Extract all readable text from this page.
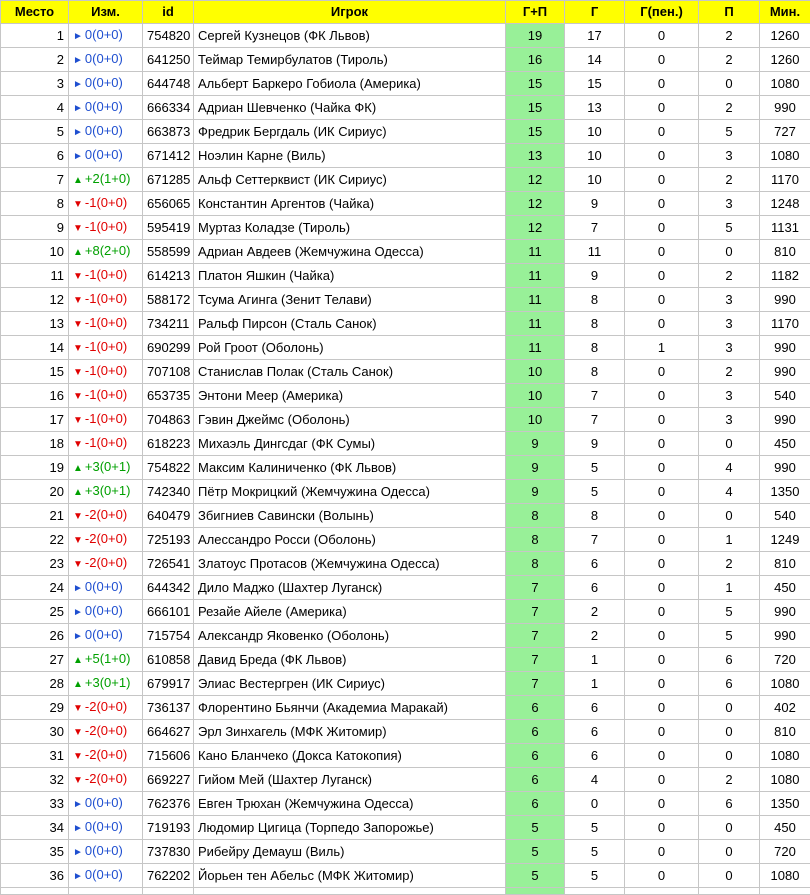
Место	Изм.	id	Игрок	Г+П	Г	Г(пен.)	П	Мин.
1	► 0(0+0)	754820	Сергей Кузнецов (ФК Львов)	19	17	0	2	1260
2	► 0(0+0)	641250	Теймар Темирбулатов (Тироль)	16	14	0	2	1260
3	► 0(0+0)	644748	Альберт Баркеро Гобиола (Америка)	15	15	0	0	1080
4	► 0(0+0)	666334	Адриан Шевченко (Чайка ФК)	15	13	0	2	990
5	► 0(0+0)	663873	Фредрик Бергдаль (ИК Сириус)	15	10	0	5	727
6	► 0(0+0)	671412	Ноэлин Карне (Виль)	13	10	0	3	1080
7	▲ +2(1+0)	671285	Альф Сеттерквист (ИК Сириус)	12	10	0	2	1170
8	▼ -1(0+0)	656065	Константин Аргентов (Чайка)	12	9	0	3	1248
9	▼ -1(0+0)	595419	Муртаз Коладзе (Тироль)	12	7	0	5	1131
10	▲ +8(2+0)	558599	Адриан Авдеев (Жемчужина Одесса)	11	11	0	0	810
11	▼ -1(0+0)	614213	Платон Яшкин (Чайка)	11	9	0	2	1182
12	▼ -1(0+0)	588172	Тсума Агинга (Зенит Телави)	11	8	0	3	990
13	▼ -1(0+0)	734211	Ральф Пирсон (Сталь Санок)	11	8	0	3	1170
14	▼ -1(0+0)	690299	Рой Гроот (Оболонь)	11	8	1	3	990
15	▼ -1(0+0)	707108	Станислав Полак (Сталь Санок)	10	8	0	2	990
16	▼ -1(0+0)	653735	Энтони Меер (Америка)	10	7	0	3	540
17	▼ -1(0+0)	704863	Гэвин Джеймс (Оболонь)	10	7	0	3	990
18	▼ -1(0+0)	618223	Михаэль Дингсдаг (ФК Сумы)	9	9	0	0	450
19	▲ +3(0+1)	754822	Максим Калиниченко (ФК Львов)	9	5	0	4	990
20	▲ +3(0+1)	742340	Пётр Мокрицкий (Жемчужина Одесса)	9	5	0	4	1350
21	▼ -2(0+0)	640479	Збигниев Савински (Волынь)	8	8	0	0	540
22	▼ -2(0+0)	725193	Алессандро Росси (Оболонь)	8	7	0	1	1249
23	▼ -2(0+0)	726541	Златоус Протасов (Жемчужина Одесса)	8	6	0	2	810
24	► 0(0+0)	644342	Дило Маджо (Шахтер Луганск)	7	6	0	1	450
25	► 0(0+0)	666101	Резайе Айеле (Америка)	7	2	0	5	990
26	► 0(0+0)	715754	Александр Яковенко (Оболонь)	7	2	0	5	990
27	▲ +5(1+0)	610858	Давид Бреда (ФК Львов)	7	1	0	6	720
28	▲ +3(0+1)	679917	Элиас Вестергрен (ИК Сириус)	7	1	0	6	1080
29	▼ -2(0+0)	736137	Флорентино Бьянчи (Академиа Маракай)	6	6	0	0	402
30	▼ -2(0+0)	664627	Эрл Зинхагель (МФК Житомир)	6	6	0	0	810
31	▼ -2(0+0)	715606	Кано Бланчеко (Докса Катокопия)	6	6	0	0	1080
32	▼ -2(0+0)	669227	Гийом Мей (Шахтер Луганск)	6	4	0	2	1080
33	► 0(0+0)	762376	Евген Трюхан (Жемчужина Одесса)	6	0	0	6	1350
34	► 0(0+0)	719193	Людомир Цигица (Торпедо Запорожье)	5	5	0	0	450
35	► 0(0+0)	737830	Рибейру Демауш (Виль)	5	5	0	0	720
36	► 0(0+0)	762202	Йорьен тен Абельс (МФК Житомир)	5	5	0	0	1080
